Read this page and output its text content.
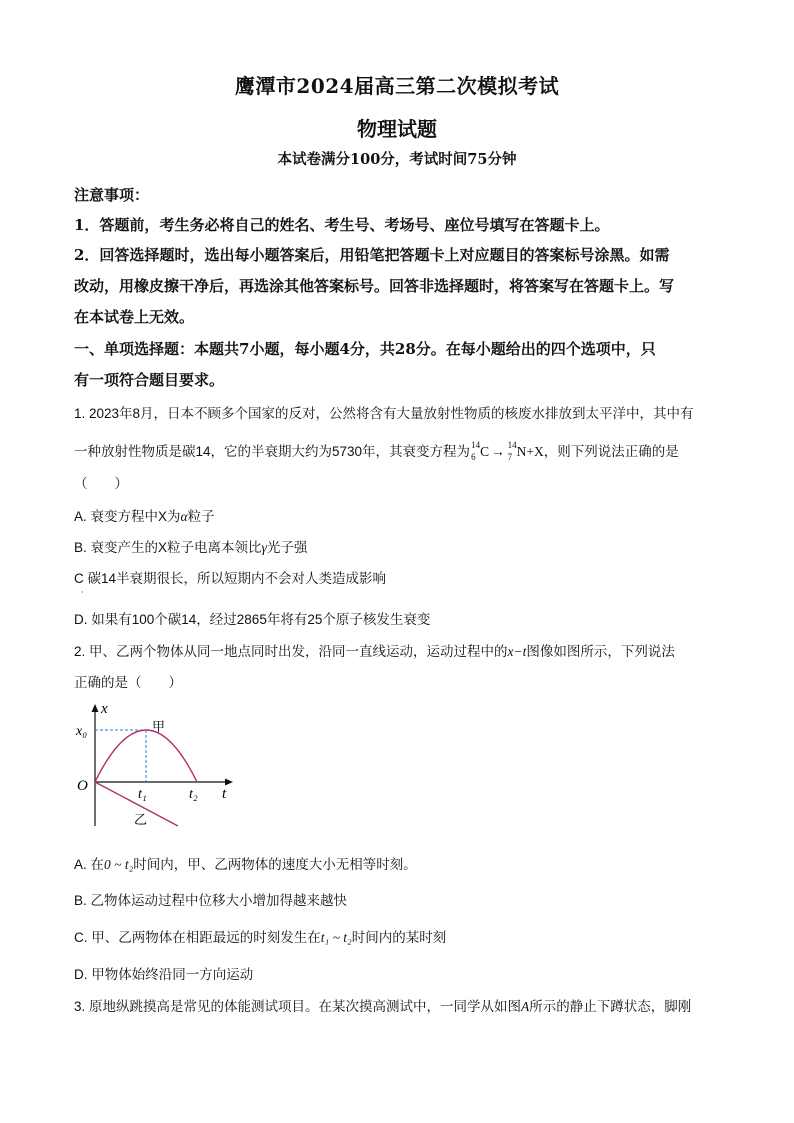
鹰潭市2024届高三第二次模拟考试
物理试题
本试卷满分100分，考试时间75分钟
注意事项：
1．答题前，考生务必将自己的姓名、考生号、考场号、座位号填写在答题卡上。
2．回答选择题时，选出每小题答案后，用铅笔把答题卡上对应题目的答案标号涂黑。如需
改动，用橡皮擦干净后，再选涂其他答案标号。回答非选择题时，将答案写在答题卡上。写
在本试卷上无效。
一、单项选择题：本题共7小题，每小题4分，共28分。在每小题给出的四个选项中，只
有一项符合题目要求。
1. 2023年8月，日本不顾多个国家的反对，公然将含有大量放射性物质的核废水排放到太平洋中，其中有
一种放射性物质是碳14，它的半衰期大约为5730年，其衰变方程为 14
6 C → 14
7 N+X，则下列说法正确的是
（　　）
A. 衰变方程中X为α粒子
B. 衰变产生的X粒子电离本领比γ光子强
C 碳14半衰期很长，所以短期内不会对人类造成影响
·
D. 如果有100个碳14，经过2865年将有25个原子核发生衰变
2. 甲、乙两个物体从同一地点同时出发，沿同一直线运动，运动过程中的x−t图像如图所示，下列说法
正确的是（　　）
x
x₀
O
t₁	t₂ t
甲
乙
A. 在0 ~ t₂时间内，甲、乙两物体的速度大小无相等时刻。
B. 乙物体运动过程中位移大小增加得越来越快
C. 甲、乙两物体在相距最远的时刻发生在t₁ ~ t₂时间内的某时刻
D. 甲物体始终沿同一方向运动
3. 原地纵跳摸高是常见的体能测试项目。在某次摸高测试中，一同学从如图A所示的静止下蹲状态，脚刚
